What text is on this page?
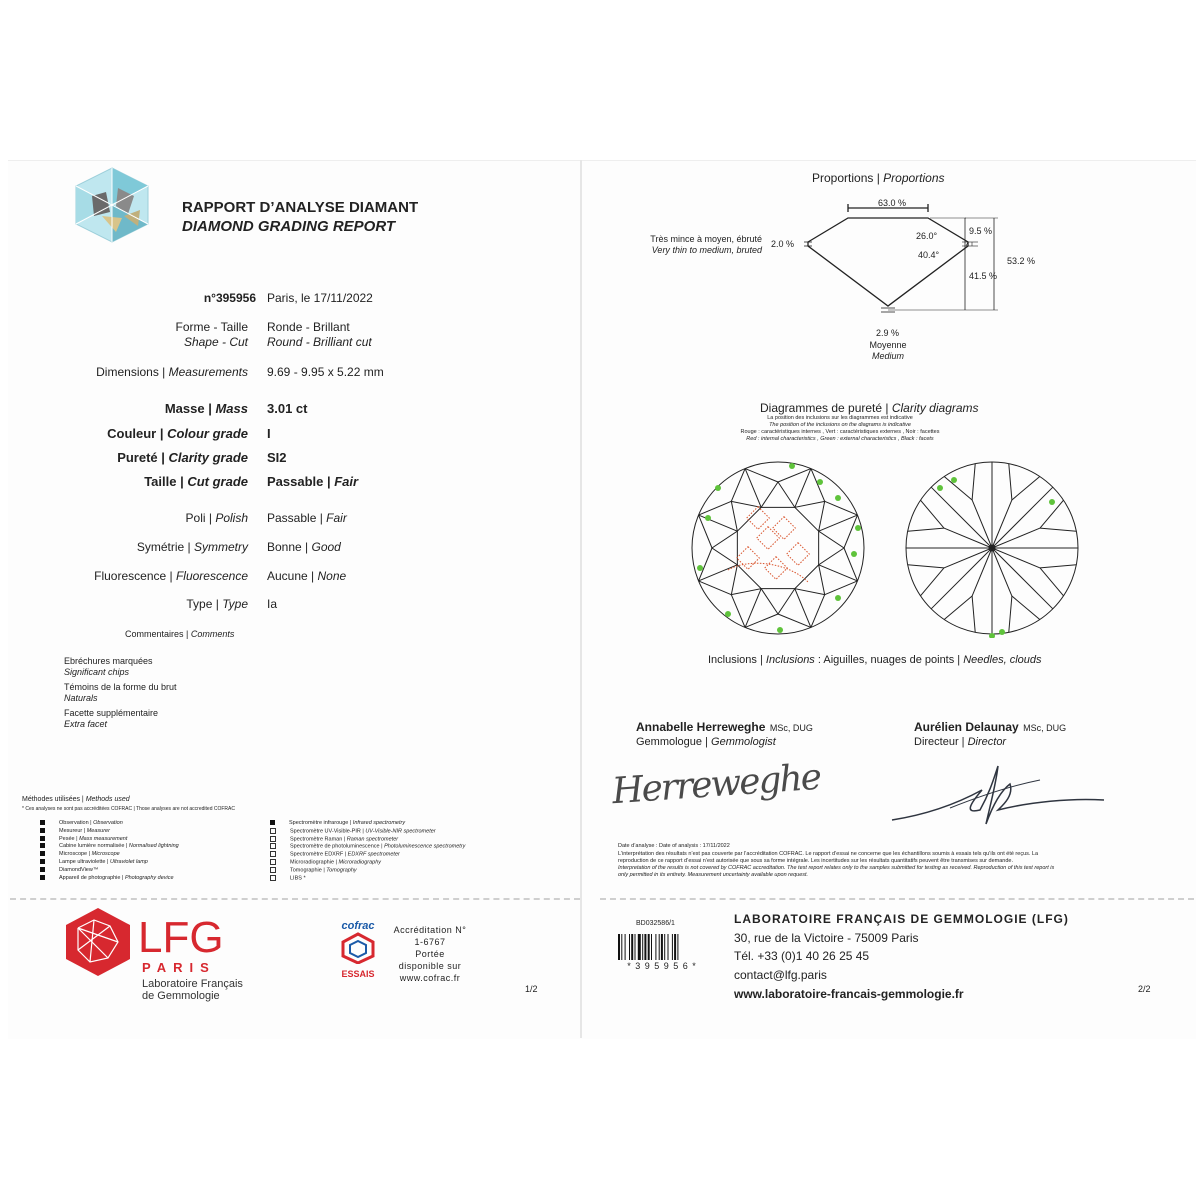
RAPPORT D’ANALYSE DIAMANT
DIAMOND GRADING REPORT
n°395956 Paris, le 17/11/2022
Forme - Taille
Shape - Cut
Ronde - Brillant
Round - Brilliant cut
Dimensions | Measurements 9.69 - 9.95 x 5.22 mm
Masse | Mass 3.01 ct
Couleur | Colour grade I
Pureté | Clarity grade SI2
Taille | Cut grade Passable | Fair
Poli | Polish Passable | Fair
Symétrie | Symmetry Bonne | Good
Fluorescence | Fluorescence Aucune | None
Type | Type Ia
Commentaires | Comments
Ebréchures marquées
Significant chips
Témoins de la forme du brut
Naturals
Facette supplémentaire
Extra facet
Méthodes utilisées | Methods used
* Ces analyses ne sont pas accréditées COFRAC | Those analyses are not accredited COFRAC
Observation | Observation
Mesureur | Measurer
Pesée | Mass measurement
Cabine lumière normalisée | Normalised lightning
Microscope | Microscope
Lampe ultraviolette | Ultraviolet lamp
DiamondView™
Appareil de photographie | Photography device
Spectromètre infrarouge | Infrared spectrometry
Spectromètre UV-Visible-PIR | UV-Visible-NIR spectrometer
Spectromètre Raman | Raman spectrometer
Spectromètre de photoluminescence | Photoluminescence spectrometry
Spectromètre EDXRF | EDXRF spectrometer
Microradiographie | Microradiography
Tomographie | Tomography
LIBS *
Proportions | Proportions
63.0 %
26.0°
40.4°
9.5 %
53.2 %
41.5 %
2.0 %
Très mince à moyen, ébruté
Very thin to medium, bruted
2.9 %
Moyenne
Medium
Diagrammes de pureté | Clarity diagrams
La position des inclusions sur les diagrammes est indicative
The position of the inclusions on the diagrams is indicative
Rouge : caractéristiques internes , Vert : caractéristiques externes , Noir : facettes
Red : internal characteristics , Green : external characteristics , Black : facets
Inclusions | Inclusions : Aiguilles, nuages de points | Needles, clouds
Annabelle Herreweghe MSc, DUG
Gemmologue | Gemmologist
Herreweghe
Aurélien Delaunay MSc, DUG
Directeur | Director
Date d’analyse : Date of analysis : 17/11/2022
L’interprétation des résultats n’est pas couverte par l’accréditation COFRAC. Le rapport d’essai ne concerne que les échantillons soumis à essais tels qu’ils ont été reçus. La
reproduction de ce rapport d’essai n’est autorisée que sous sa forme intégrale. Les incertitudes sur les résultats quantitatifs peuvent être transmises sur demande.
Interpretation of the results is not covered by COFRAC accreditation. The test report relates only to the samples submitted for testing as received. Reproduction of this test report is
only permitted in its entirety. Measurement uncertainty available upon request.
LFG
PARIS
Laboratoire Français
de Gemmologie
cofrac
ESSAIS
Accréditation N°
1-6767
Portée
disponible sur
www.cofrac.fr
1/2
BD032586/1
* 3 9 5 9 5 6 *
LABORATOIRE FRANÇAIS DE GEMMOLOGIE (LFG)
30, rue de la Victoire - 75009 Paris
Tél. +33 (0)1 40 26 25 45
contact@lfg.paris
www.laboratoire-francais-gemmologie.fr	2/2
